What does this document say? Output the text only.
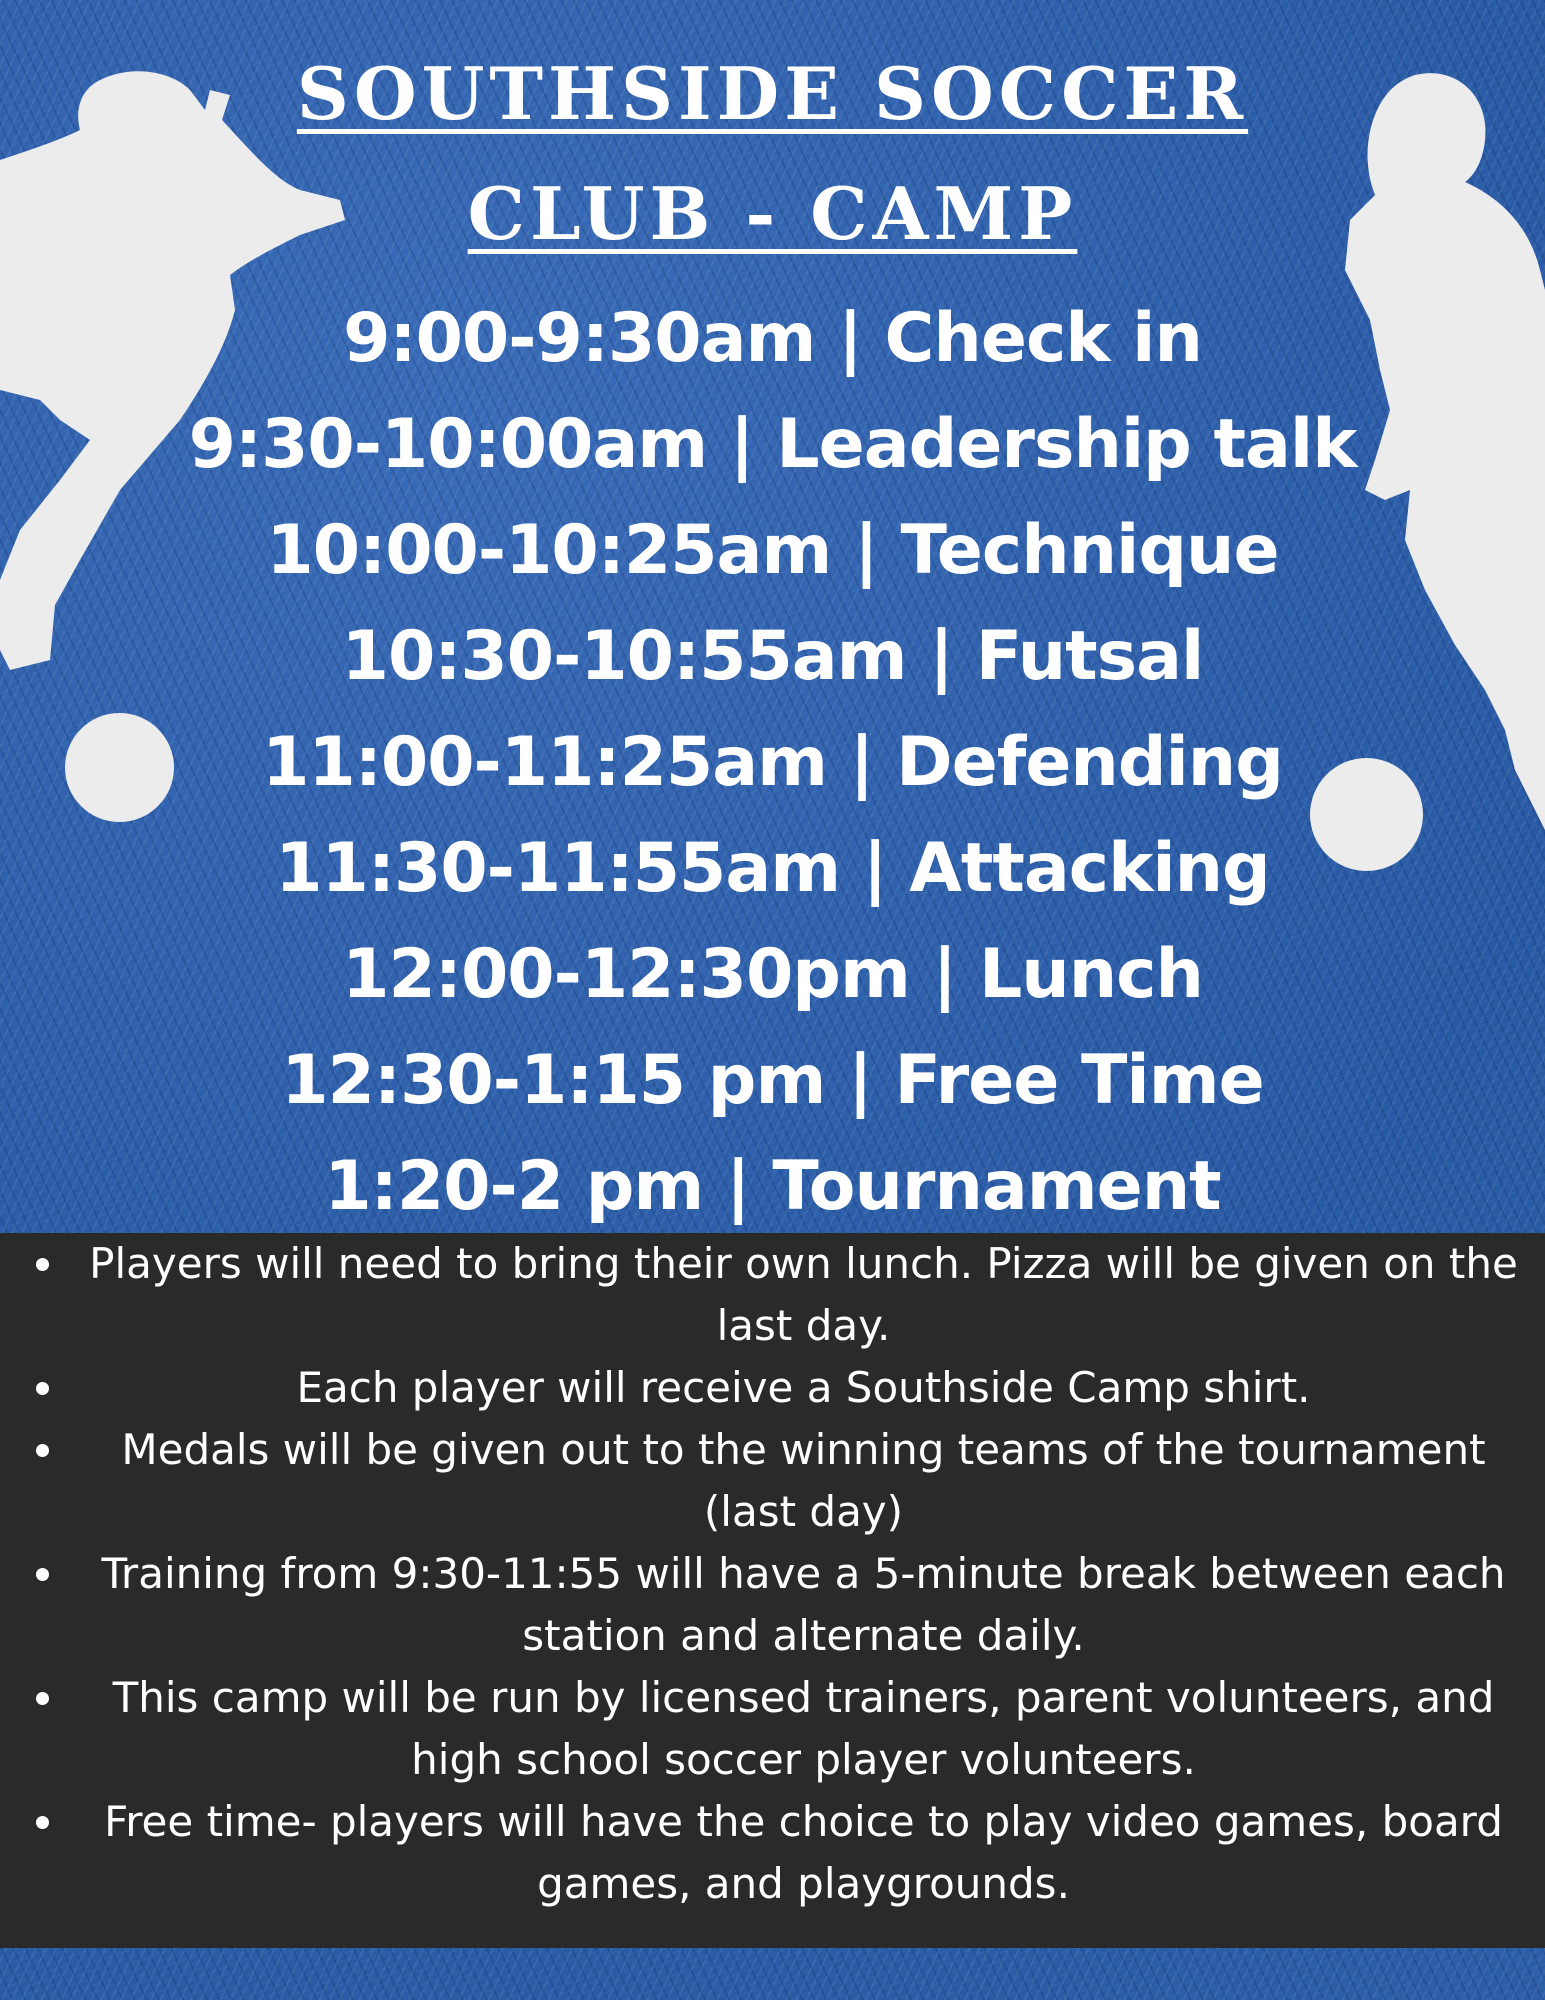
SOUTHSIDE SOCCER
CLUB - CAMP
9:00-9:30am | Check in
9:30-10:00am | Leadership talk
10:00-10:25am | Technique
10:30-10:55am | Futsal
11:00-11:25am | Defending
11:30-11:55am | Attacking
12:00-12:30pm | Lunch
12:30-1:15 pm | Free Time
1:20-2 pm | Tournament
Players will need to bring their own lunch. Pizza will be given on the last day.
Each player will receive a Southside Camp shirt.
Medals will be given out to the winning teams of the tournament (last day)
Training from 9:30-11:55 will have a 5-minute break between each station and alternate daily.
This camp will be run by licensed trainers, parent volunteers, and high school soccer player volunteers.
Free time- players will have the choice to play video games, board games, and playgrounds.
